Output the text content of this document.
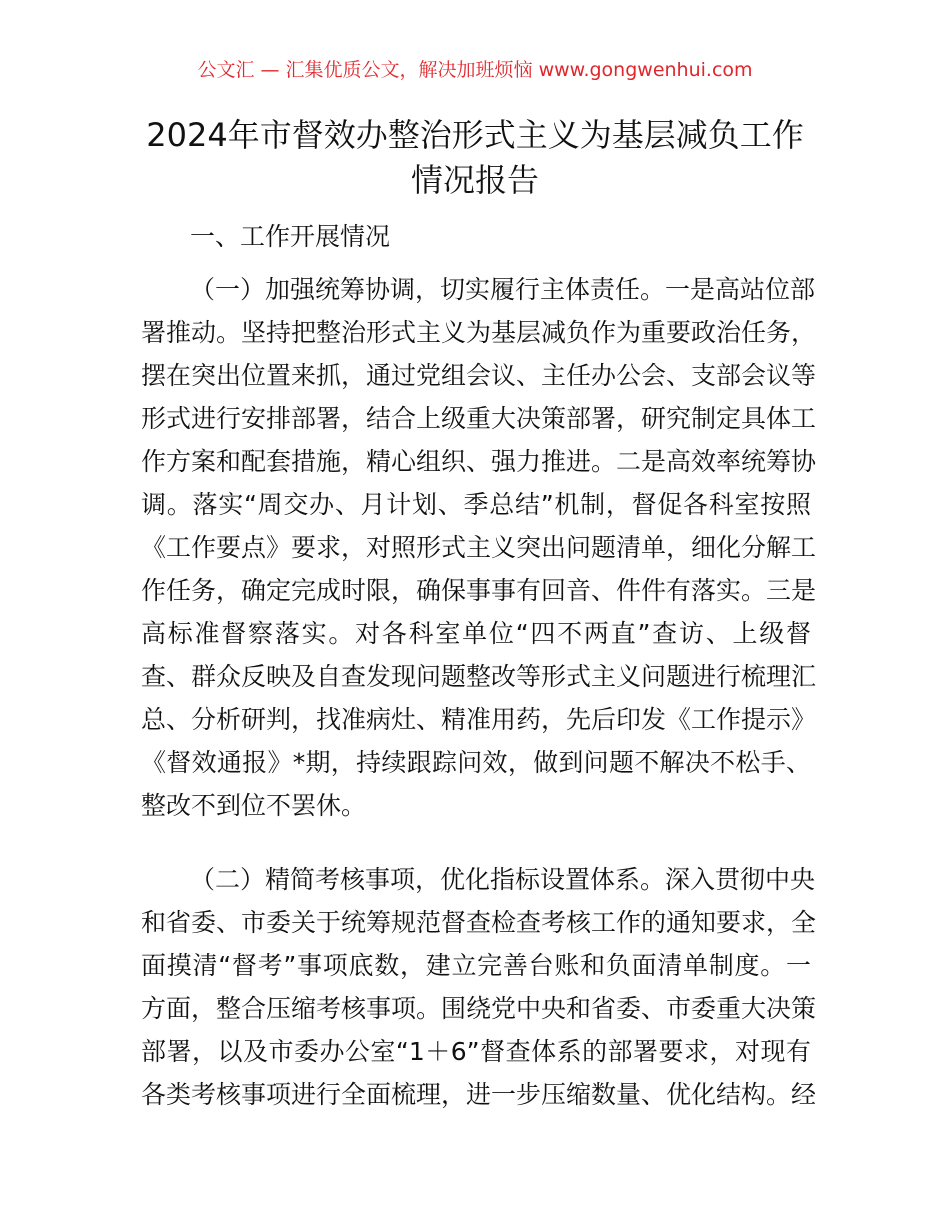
公文汇 — 汇集优质公文，解决加班烦恼 www.gongwenhui.com
2024年市督效办整治形式主义为基层减负工作
情况报告
一、工作开展情况
（一）加强统筹协调，切实履行主体责任。一是高站位部
署推动。坚持把整治形式主义为基层减负作为重要政治任务，
摆在突出位置来抓，通过党组会议、主任办公会、支部会议等
形式进行安排部署，结合上级重大决策部署，研究制定具体工
作方案和配套措施，精心组织、强力推进。二是高效率统筹协
调。落实“周交办、月计划、季总结”机制，督促各科室按照
《工作要点》要求，对照形式主义突出问题清单，细化分解工
作任务，确定完成时限，确保事事有回音、件件有落实。三是
高标准督察落实。对各科室单位“四不两直”查访、上级督
查、群众反映及自查发现问题整改等形式主义问题进行梳理汇
总、分析研判，找准病灶、精准用药，先后印发《工作提示》
《督效通报》*期，持续跟踪问效，做到问题不解决不松手、
整改不到位不罢休。
（二）精简考核事项，优化指标设置体系。深入贯彻中央
和省委、市委关于统筹规范督查检查考核工作的通知要求，全
面摸清“督考”事项底数，建立完善台账和负面清单制度。一
方面，整合压缩考核事项。围绕党中央和省委、市委重大决策
部署，以及市委办公室“1＋6”督查体系的部署要求，对现有
各类考核事项进行全面梳理，进一步压缩数量、优化结构。经
